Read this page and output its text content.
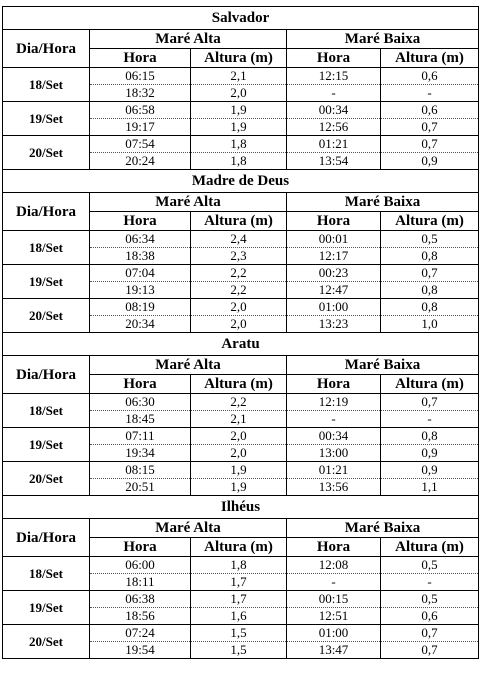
Salvador				
Dia/Hora	Maré Alta		Maré Baixa	
	Hora	Altura (m)	Hora	Altura (m)
18/Set	06:15	2,1	12:15	0,6
	18:32	2,0	-	-
19/Set	06:58	1,9	00:34	0,6
	19:17	1,9	12:56	0,7
20/Set	07:54	1,8	01:21	0,7
	20:24	1,8	13:54	0,9
Madre de Deus				
Dia/Hora	Maré Alta		Maré Baixa	
	Hora	Altura (m)	Hora	Altura (m)
18/Set	06:34	2,4	00:01	0,5
	18:38	2,3	12:17	0,8
19/Set	07:04	2,2	00:23	0,7
	19:13	2,2	12:47	0,8
20/Set	08:19	2,0	01:00	0,8
	20:34	2,0	13:23	1,0
Aratu				
Dia/Hora	Maré Alta		Maré Baixa	
	Hora	Altura (m)	Hora	Altura (m)
18/Set	06:30	2,2	12:19	0,7
	18:45	2,1	-	-
19/Set	07:11	2,0	00:34	0,8
	19:34	2,0	13:00	0,9
20/Set	08:15	1,9	01:21	0,9
	20:51	1,9	13:56	1,1
Ilhéus				
Dia/Hora	Maré Alta		Maré Baixa	
	Hora	Altura (m)	Hora	Altura (m)
18/Set	06:00	1,8	12:08	0,5
	18:11	1,7	-	-
19/Set	06:38	1,7	00:15	0,5
	18:56	1,6	12:51	0,6
20/Set	07:24	1,5	01:00	0,7
	19:54	1,5	13:47	0,7
